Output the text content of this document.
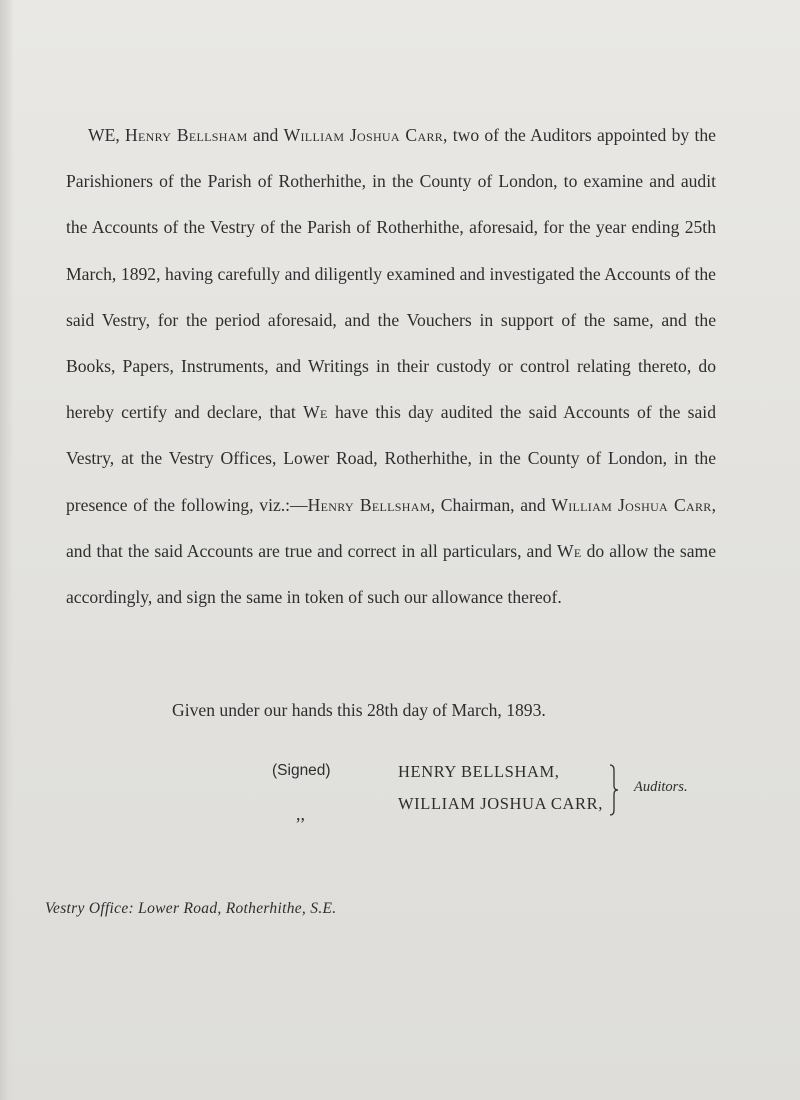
WE, Henry Bellsham and William Joshua Carr, two of the Auditors appointed by the Parishioners of the Parish of Rotherhithe, in the County of London, to examine and audit the Accounts of the Vestry of the Parish of Rotherhithe, aforesaid, for the year ending 25th March, 1892, having carefully and diligently examined and investigated the Accounts of the said Vestry, for the period aforesaid, and the Vouchers in support of the same, and the Books, Papers, Instruments, and Writings in their custody or control relating thereto, do hereby certify and declare, that We have this day audited the said Accounts of the said Vestry, at the Vestry Offices, Lower Road, Rotherhithe, in the County of London, in the presence of the following, viz.:—Henry Bellsham, Chairman, and William Joshua Carr, and that the said Accounts are true and correct in all particulars, and We do allow the same accordingly, and sign the same in token of such our allowance thereof.

Given under our hands this 28th day of March, 1893.

(Signed)

,,

HENRY BELLSHAM,

WILLIAM JOSHUA CARR,

Auditors.

Vestry Office: Lower Road, Rotherhithe, S.E.
